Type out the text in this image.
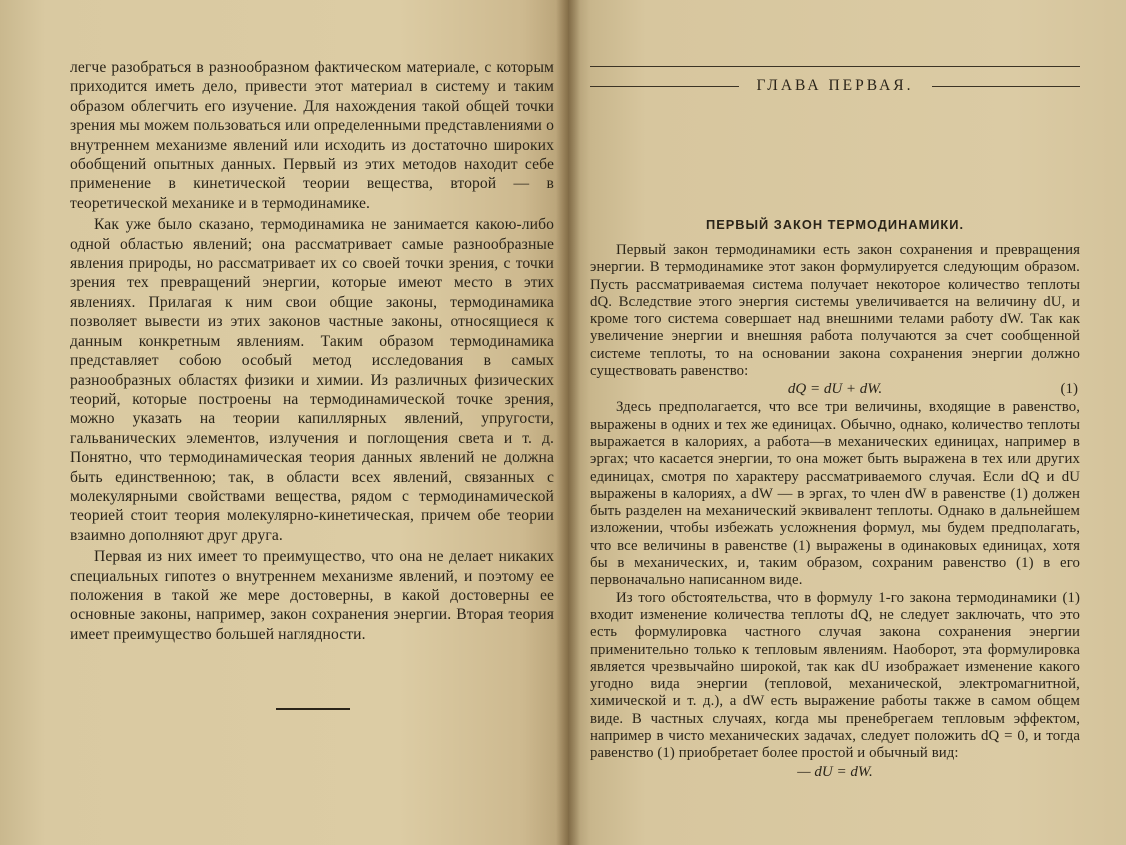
легче разобраться в разнообразном фактическом материале, с которым приходится иметь дело, привести этот материал в систему и таким образом облегчить его изучение. Для нахождения такой общей точки зрения мы можем пользоваться или определенными представлениями о внутреннем механизме явлений или исходить из достаточно широких обобщений опытных данных. Первый из этих методов находит себе применение в кинетической теории вещества, второй — в теоретической механике и в термодинамике.

Как уже было сказано, термодинамика не занимается какою-либо одной областью явлений; она рассматривает самые разнообразные явления природы, но рассматривает их со своей точки зрения, с точки зрения тех превращений энергии, которые имеют место в этих явлениях. Прилагая к ним свои общие законы, термодинамика позволяет вывести из этих законов частные законы, относящиеся к данным конкретным явлениям. Таким образом термодинамика представляет собою особый метод исследования в самых разнообразных областях физики и химии. Из различных физических теорий, которые построены на термодинамической точке зрения, можно указать на теории капиллярных явлений, упругости, гальванических элементов, излучения и поглощения света и т. д. Понятно, что термодинамическая теория данных явлений не должна быть единственною; так, в области всех явлений, связанных с молекулярными свойствами вещества, рядом с термодинамической теорией стоит теория молекулярно-кинетическая, причем обе теории взаимно дополняют друг друга.

Первая из них имеет то преимущество, что она не делает никаких специальных гипотез о внутреннем механизме явлений, и поэтому ее положения в такой же мере достоверны, в какой достоверны ее основные законы, например, закон сохранения энергии. Вторая теория имеет преимущество большей наглядности.

ГЛАВА ПЕРВАЯ.
ПЕРВЫЙ ЗАКОН ТЕРМОДИНАМИКИ.

Первый закон термодинамики есть закон сохранения и превращения энергии. В термодинамике этот закон формулируется следующим образом. Пусть рассматриваемая система получает некоторое количество теплоты dQ. Вследствие этого энергия системы увеличивается на величину dU, и кроме того система совершает над внешними телами работу dW. Так как увеличение энергии и внешняя работа получаются за счет сообщенной системе теплоты, то на основании закона сохранения энергии должно существовать равенство:

dQ = dU + dW.	(1)

Здесь предполагается, что все три величины, входящие в равенство, выражены в одних и тех же единицах. Обычно, однако, количество теплоты выражается в калориях, а работа—в механических единицах, например в эргах; что касается энергии, то она может быть выражена в тех или других единицах, смотря по характеру рассматриваемого случая. Если dQ и dU выражены в калориях, а dW — в эргах, то член dW в равенстве (1) должен быть разделен на механический эквивалент теплоты. Однако в дальнейшем изложении, чтобы избежать усложнения формул, мы будем предполагать, что все величины в равенстве (1) выражены в одинаковых единицах, хотя бы в механических, и, таким образом, сохраним равенство (1) в его первоначально написанном виде.

Из того обстоятельства, что в формулу 1-го закона термодинамики (1) входит изменение количества теплоты dQ, не следует заключать, что это есть формулировка частного случая закона сохранения энергии применительно только к тепловым явлениям. Наоборот, эта формулировка является чрезвычайно широкой, так как dU изображает изменение какого угодно вида энергии (тепловой, механической, электромагнитной, химической и т. д.), а dW есть выражение работы также в самом общем виде. В частных случаях, когда мы пренебрегаем тепловым эффектом, например в чисто механических задачах, следует положить dQ = 0, и тогда равенство (1) приобретает более простой и обычный вид:

— dU = dW.
